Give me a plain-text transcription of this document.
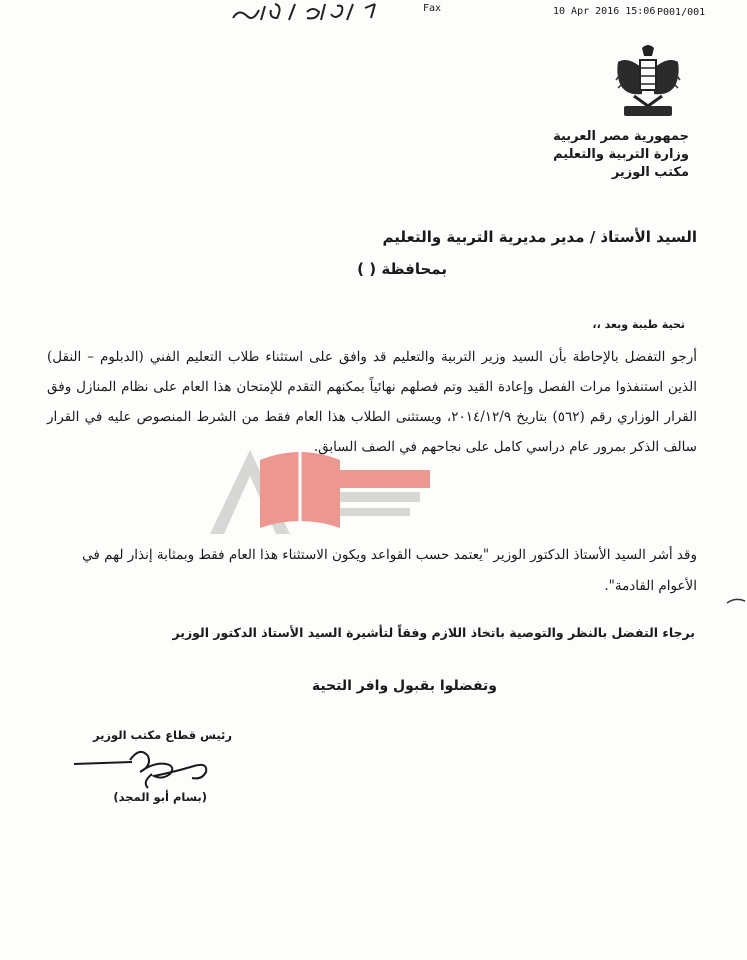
Fax	10 Apr 2016 15:06 P001/001
جمهورية مصر العربية
وزارة التربية والتعليم
مكتب الوزير
السيد الأستاذ / مدير مديرية التربية والتعليم
بمحافظة ( )
تحية طيبة وبعد ،،
أرجو التفضل بالإحاطة بأن السيد وزير التربية والتعليم قد وافق على استثناء طلاب التعليم الفني (الدبلوم – النقل) الذين استنفذوا مرات الفصل وإعادة القيد وتم فصلهم نهائياً بمكنهم التقدم للإمتحان هذا العام على نظام المنازل وفق القرار الوزاري رقم (٥٦٢) بتاريخ ٢٠١٤/١٢/٩، ويستثنى الطلاب هذا العام فقط من الشرط المنصوص عليه في القرار سالف الذكر بمرور عام دراسي كامل على نجاحهم في الصف السابق.
وقد أشر السيد الأستاذ الدكتور الوزير "يعتمد حسب القواعد ويكون الاستثناء هذا العام فقط وبمثابة إنذار لهم في الأعوام القادمة".
برجاء التفضل بالنظر والتوصية باتخاذ اللازم وفقاً لتأشيرة السيد الأستاذ الدكتور الوزير
وتفضلوا بقبول وافر التحية
رئيس قطاع مكتب الوزير
(بسام أبو المجد)
